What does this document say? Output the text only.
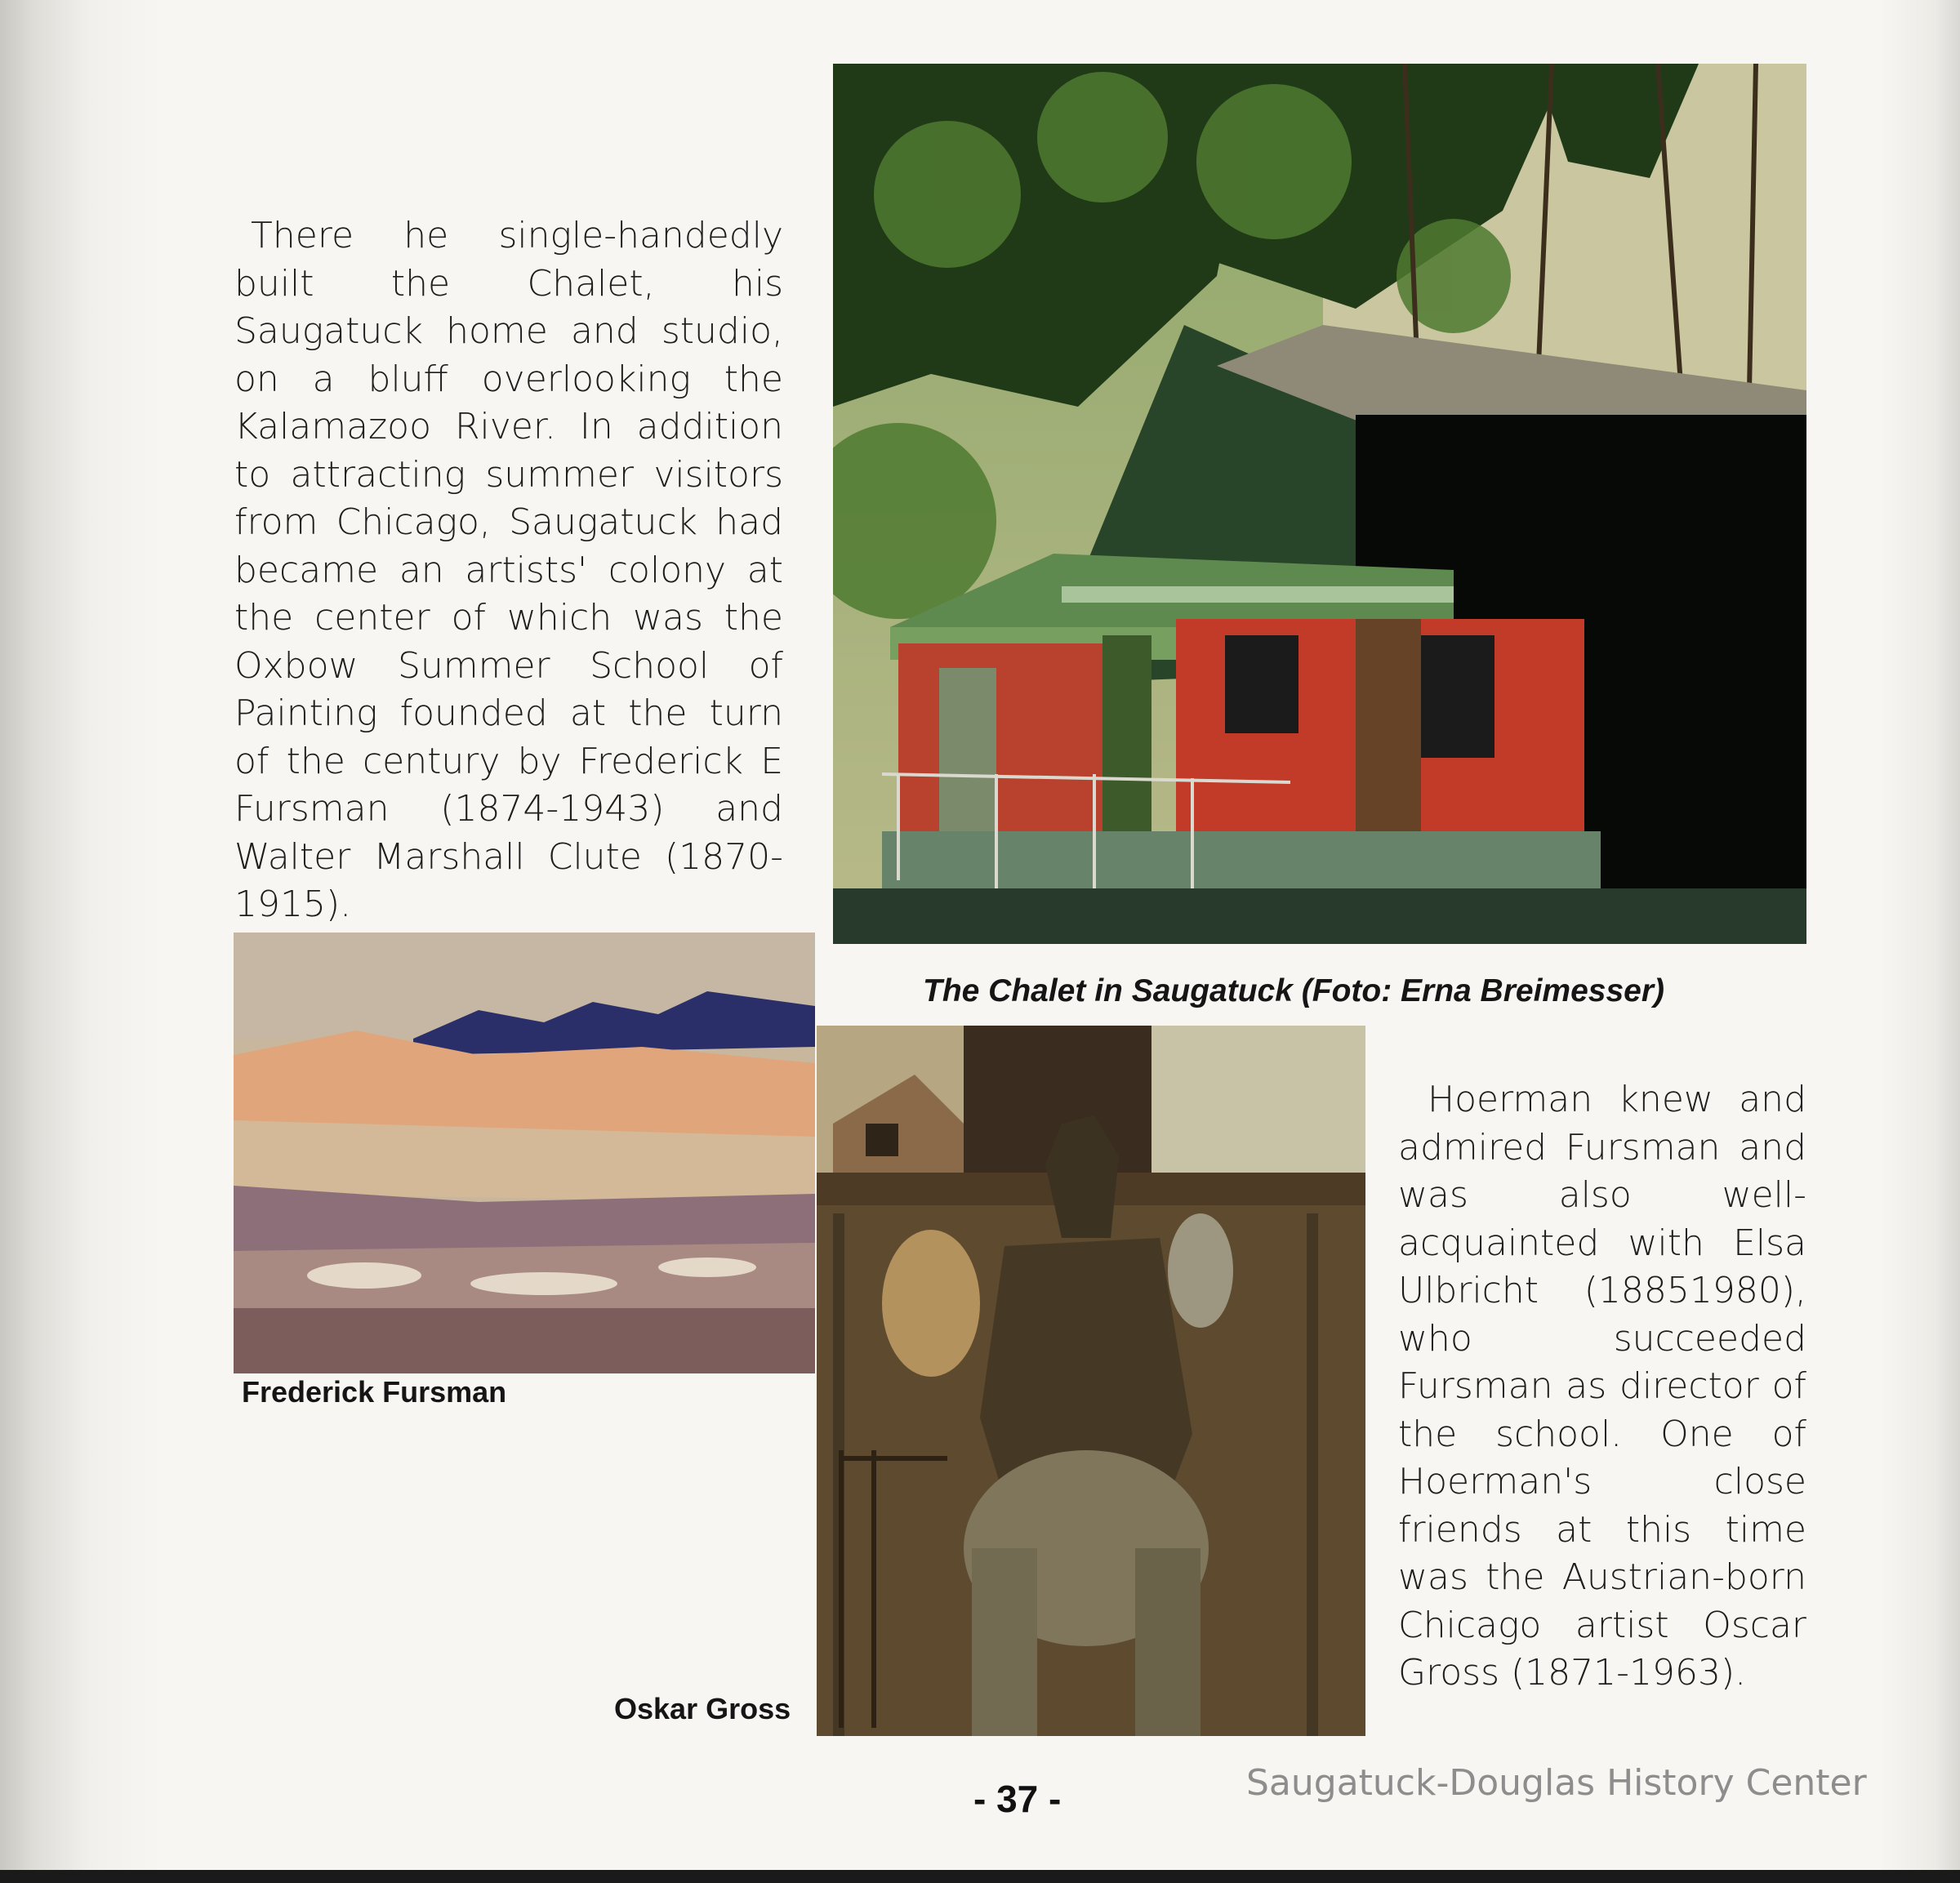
There he single-handedly built the Chalet, his Saugatuck home and studio, on a bluff overlooking the Kalamazoo River. In addition to attracting summer visitors from Chicago, Saugatuck had became an artists' colony at the center of which was the Oxbow Summer School of Painting founded at the turn of the century by Frederick E Fursman (1874-1943) and Walter Marshall Clute (1870-1915).
Frederick Fursman
The Chalet in Saugatuck (Foto: Erna Breimesser)
Oskar Gross
Hoerman knew and admired Fursman and was also well-acquainted with Elsa Ulbricht (18851980), who succeeded Fursman as director of the school. One of Hoerman's close friends at this time was the Austrian-born Chicago artist Oscar Gross (1871-1963).
- 37 -	Saugatuck-Douglas History Center
